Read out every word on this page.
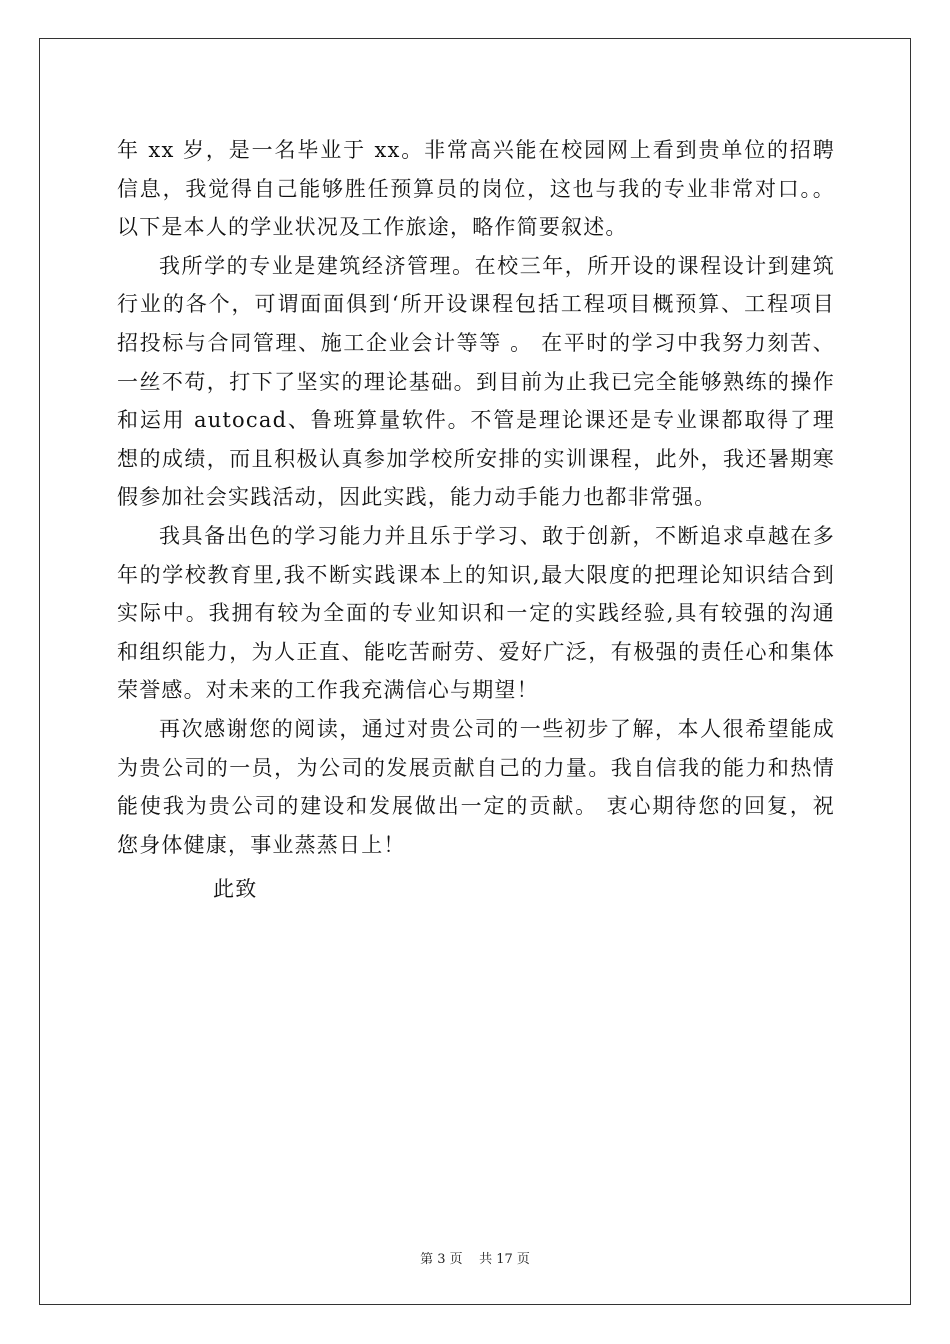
年 xx 岁，是一名毕业于 xx。非常高兴能在校园网上看到贵单位的招聘信息，我觉得自己能够胜任预算员的岗位，这也与我的专业非常对口。。以下是本人的学业状况及工作旅途，略作简要叙述。

我所学的专业是建筑经济管理。在校三年，所开设的课程设计到建筑行业的各个，可谓面面俱到‘所开设课程包括工程项目概预算、工程项目招投标与合同管理、施工企业会计等等 。 在平时的学习中我努力刻苦、一丝不苟，打下了坚实的理论基础。到目前为止我已完全能够熟练的操作和运用 autocad、鲁班算量软件。不管是理论课还是专业课都取得了理想的成绩，而且积极认真参加学校所安排的实训课程，此外，我还暑期寒假参加社会实践活动，因此实践，能力动手能力也都非常强。

我具备出色的学习能力并且乐于学习、敢于创新，不断追求卓越在多年的学校教育里,我不断实践课本上的知识,最大限度的把理论知识结合到实际中。我拥有较为全面的专业知识和一定的实践经验,具有较强的沟通和组织能力，为人正直、能吃苦耐劳、爱好广泛，有极强的责任心和集体荣誉感。对未来的工作我充满信心与期望！

再次感谢您的阅读，通过对贵公司的一些初步了解，本人很希望能成为贵公司的一员，为公司的发展贡献自己的力量。我自信我的能力和热情能使我为贵公司的建设和发展做出一定的贡献。 衷心期待您的回复，祝您身体健康，事业蒸蒸日上！

此致

第 3 页    共 17 页
